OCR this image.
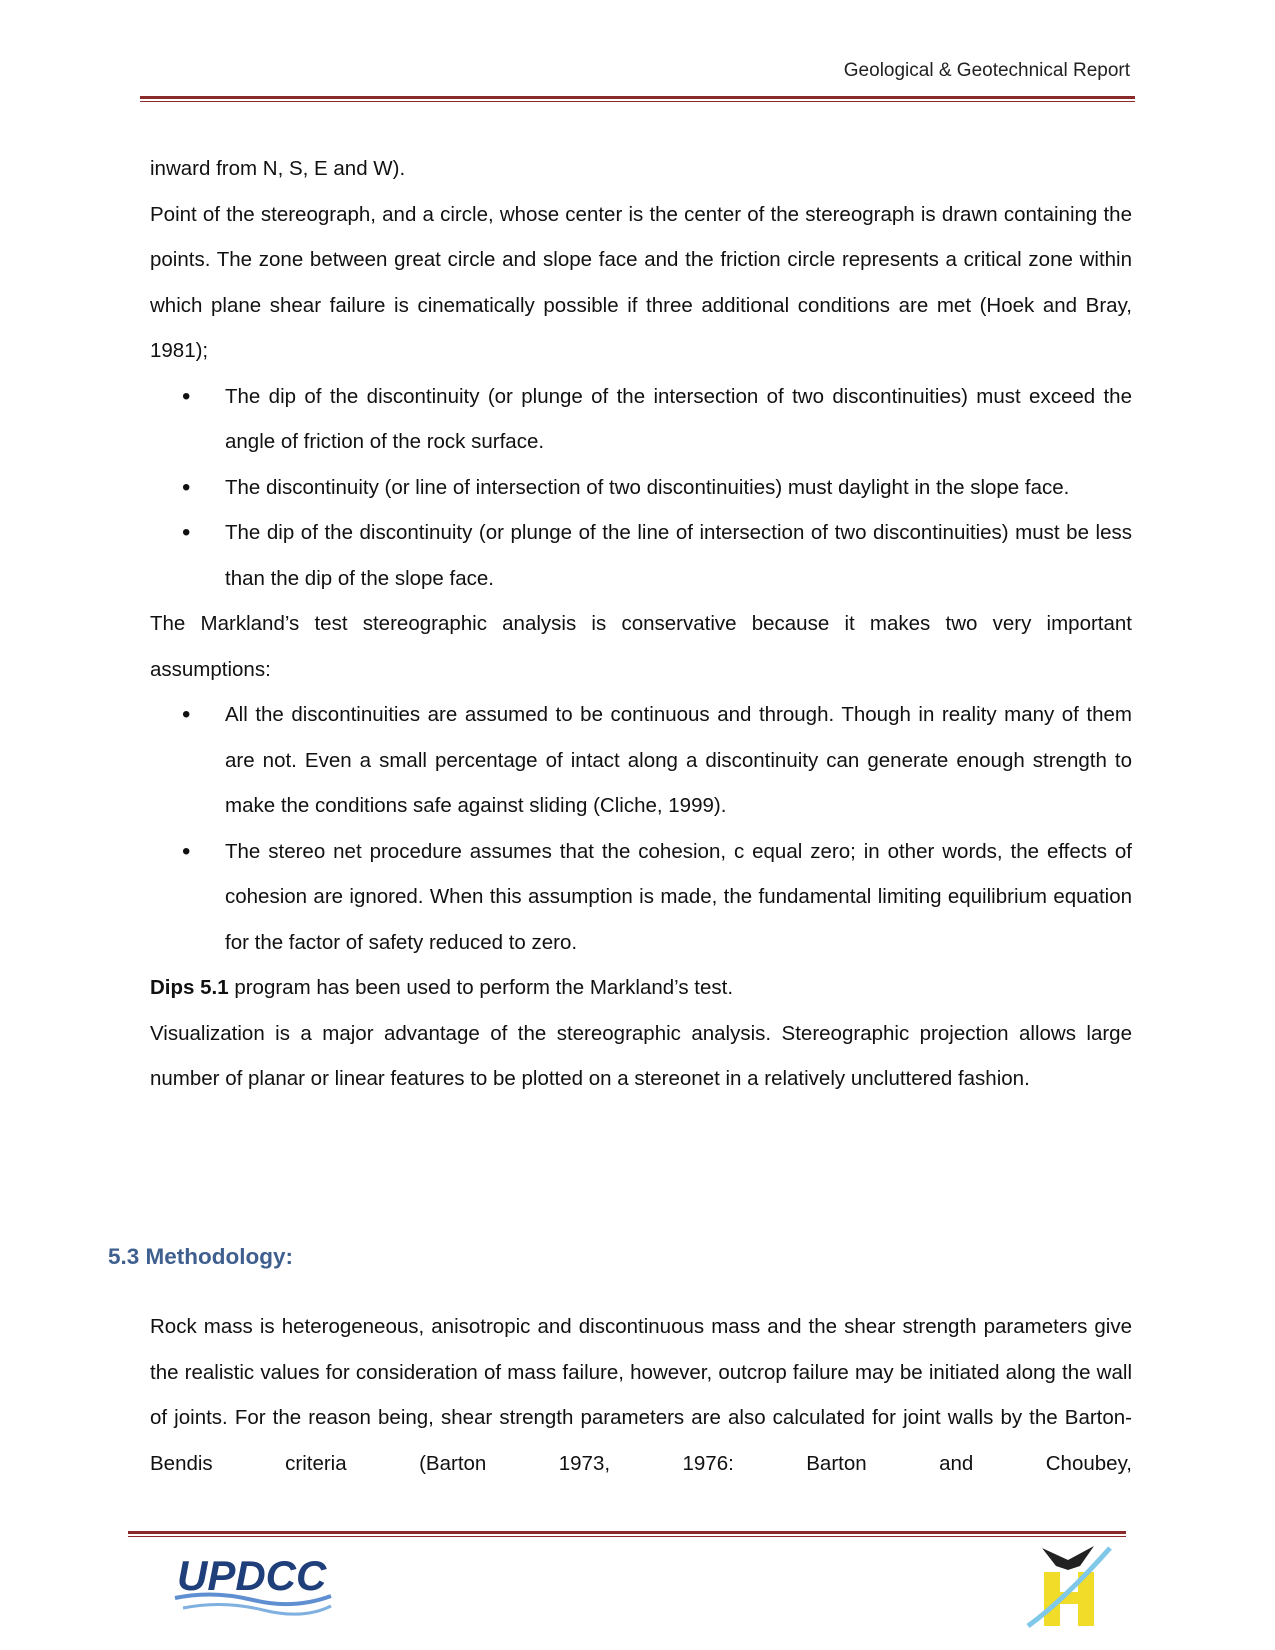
Geological & Geotechnical Report

inward from N, S, E and W).

Point of the stereograph, and a circle, whose center is the center of the stereograph is drawn containing the points. The zone between great circle and slope face and the friction circle represents a critical zone within which plane shear failure is cinematically possible if three additional conditions are met (Hoek and Bray, 1981);

• The dip of the discontinuity (or plunge of the intersection of two discontinuities) must exceed the angle of friction of the rock surface.
• The discontinuity (or line of intersection of two discontinuities) must daylight in the slope face.
• The dip of the discontinuity (or plunge of the line of intersection of two discontinuities) must be less than the dip of the slope face.

The Markland’s test stereographic analysis is conservative because it makes two very important assumptions:

• All the discontinuities are assumed to be continuous and through. Though in reality many of them are not. Even a small percentage of intact along a discontinuity can generate enough strength to make the conditions safe against sliding (Cliche, 1999).
• The stereo net procedure assumes that the cohesion, c equal zero; in other words, the effects of cohesion are ignored. When this assumption is made, the fundamental limiting equilibrium equation for the factor of safety reduced to zero.

Dips 5.1 program has been used to perform the Markland’s test.

Visualization is a major advantage of the stereographic analysis. Stereographic projection allows large number of planar or linear features to be plotted on a stereonet in a relatively uncluttered fashion.

5.3 Methodology:

Rock mass is heterogeneous, anisotropic and discontinuous mass and the shear strength parameters give the realistic values for consideration of mass failure, however, outcrop failure may be initiated along the wall of joints. For the reason being, shear strength parameters are also calculated for joint walls by the Barton-Bendis criteria (Barton 1973, 1976: Barton and Choubey,

UPDCC
